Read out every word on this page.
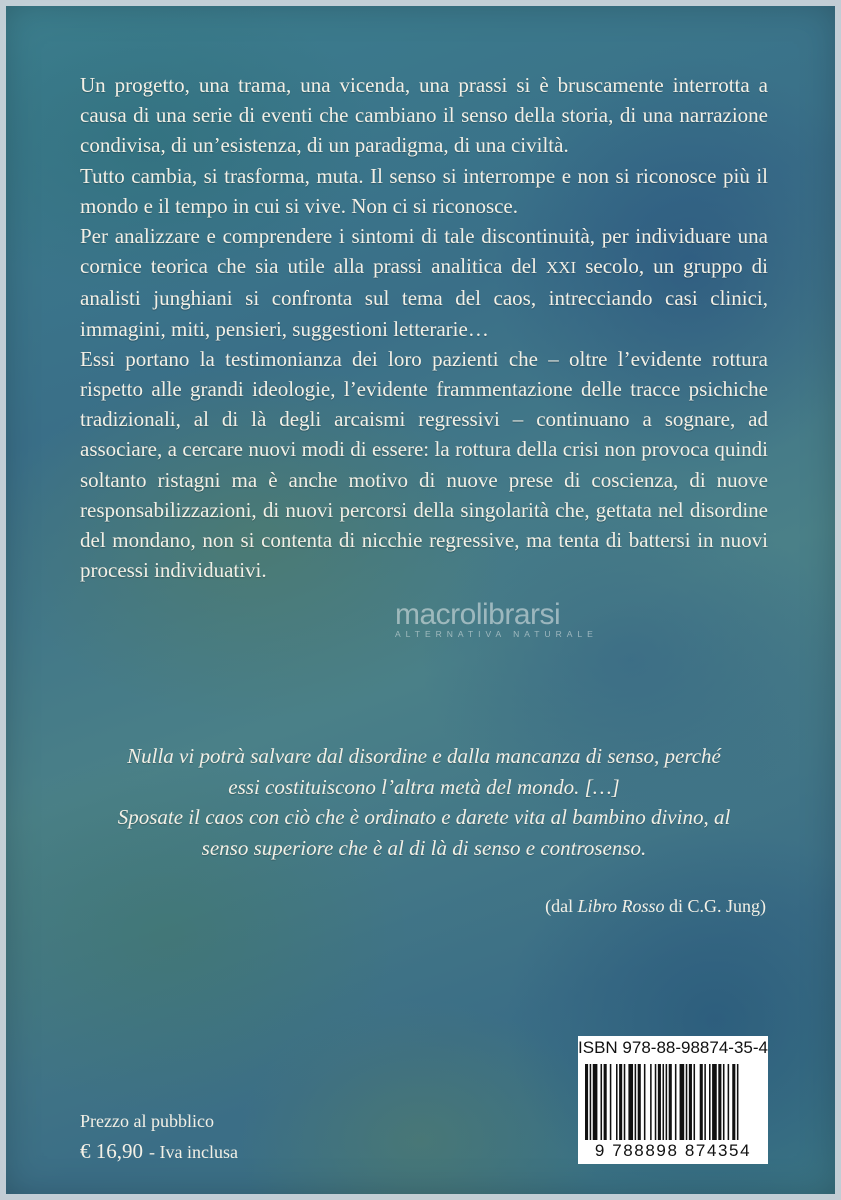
Un progetto, una trama, una vicenda, una prassi si è bruscamente interrotta a causa di una serie di eventi che cambiano il senso della storia, di una narrazione condivisa, di un’esistenza, di un paradigma, di una civiltà.

Tutto cambia, si trasforma, muta. Il senso si interrompe e non si riconosce più il mondo e il tempo in cui si vive. Non ci si riconosce.

Per analizzare e comprendere i sintomi di tale discontinuità, per individuare una cornice teorica che sia utile alla prassi analitica del XXI secolo, un gruppo di analisti junghiani si confronta sul tema del caos, intrecciando casi clinici, immagini, miti, pensieri, suggestioni letterarie…

Essi portano la testimonianza dei loro pazienti che – oltre l’evidente rottura rispetto alle grandi ideologie, l’evidente frammentazione delle tracce psichiche tradizionali, al di là degli arcaismi regressivi – continuano a sognare, ad associare, a cercare nuovi modi di essere: la rottura della crisi non provoca quindi soltanto ristagni ma è anche motivo di nuove prese di coscienza, di nuove responsabilizzazioni, di nuovi percorsi della singolarità che, gettata nel disordine del mondano, non si contenta di nicchie regressive, ma tenta di battersi in nuovi processi individuativi.

macrolibrarsi
ALTERNATIVA NATURALE

Nulla vi potrà salvare dal disordine e dalla mancanza di senso, perché

essi costituiscono l’altra metà del mondo. […]

Sposate il caos con ciò che è ordinato e darete vita al bambino divino, al

senso superiore che è al di là di senso e controsenso.

(dal Libro Rosso di C.G. Jung)
Prezzo al pubblico
€ 16,90 - Iva inclusa
ISBN 978-88-98874-35-4
9 788898 874354
